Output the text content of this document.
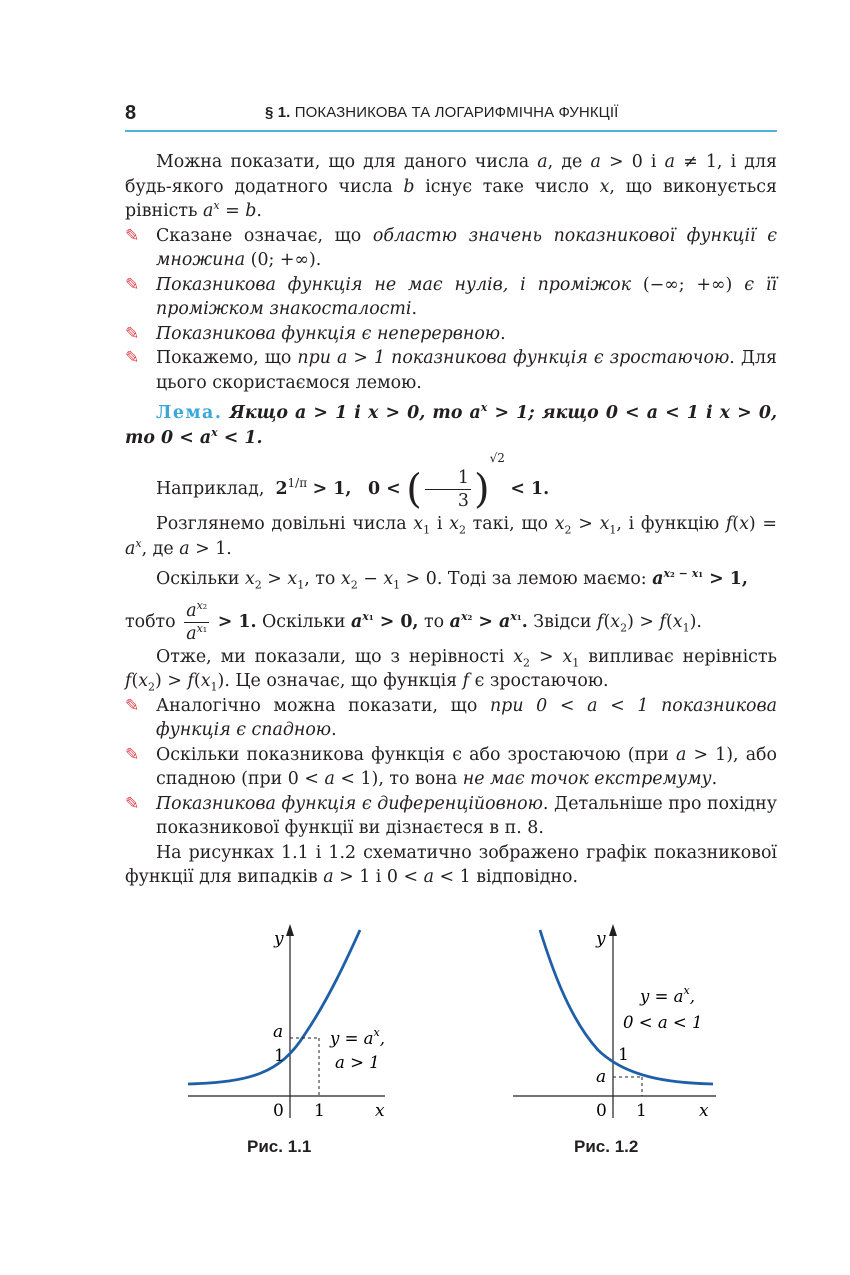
8	§ 1. ПОКАЗНИКОВА ТА ЛОГАРИФМІЧНА ФУНКЦІЇ

Можна показати, що для даного числа a, де a > 0 і a ≠ 1, і для будь-якого додатного числа b існує таке число x, що виконується рівність $a^x = b$.

✎ Сказане означає, що областю значень показникової функції є множина (0; +∞).

✎ Показникова функція не має нулів, і проміжок (−∞; +∞) є її проміжком знакосталості.

✎ Показникова функція є неперервною.

✎ Покажемо, що при a > 1 показникова функція є зростаючою. Для цього скористаємося лемою.

Лема. Якщо a > 1 і x > 0, то $a^x > 1$; якщо 0 < a < 1 і x > 0, то $0 < a^x < 1$.

Наприклад, $2^{1/\pi} > 1$, 0 < ( $\frac{1}{3} )^{√2} < 1$.

Розглянемо довільні числа $x_1$ і $x_2$ такі, що $x_2 > x_1$, і функцію $f(x) = a^x$, де a > 1.

Оскільки $x_2 > x_1$, то $x_2 - x_1 > 0$. Тоді за лемою маємо: $a^{x_2 - x_1} > 1$,

тобто $\frac{a^{x_2}}{a^{x_1}} > 1$. Оскільки $a^{x_1} > 0$, то $a^{x_2} > a^{x_1}$. Звідси $f(x_2) > f(x_1)$.

Отже, ми показали, що з нерівності $x_2 > x_1$ випливає нерівність $f(x_2) > f(x_1)$. Це означає, що функція f є зростаючою.

✎ Аналогічно можна показати, що при 0 < a < 1 показникова функція є спадною.

✎ Оскільки показникова функція є або зростаючою (при a > 1), або спадною (при 0 < a < 1), то вона не має точок екстремуму.

✎ Показникова функція є диференційовною. Детальніше про похідну показникової функції ви дізнаєтеся в п. 8.

На рисунках 1.1 і 1.2 схематично зображено графік показникової функції для випадків a > 1 і 0 < a < 1 відповідно.

y
x
0 1
1
a	$y = a^x$,
a > 1
Рис. 1.1
y
x
0 1
1
a
$y = a^x$,
0 < a < 1
Рис. 1.2
